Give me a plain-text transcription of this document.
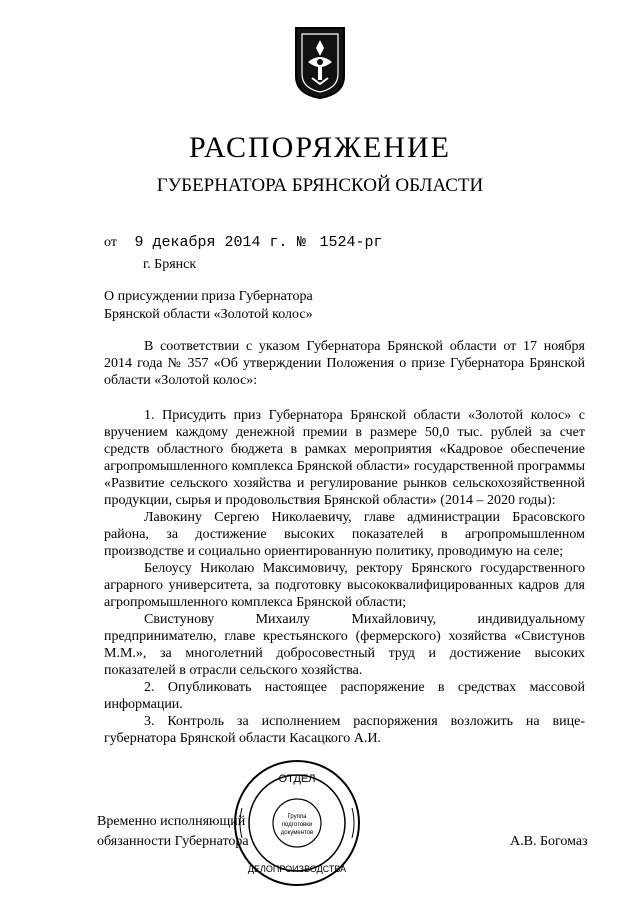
РАСПОРЯЖЕНИЕ
ГУБЕРНАТОРА БРЯНСКОЙ ОБЛАСТИ
от 9 декабря 2014 г. № 1524-рг
г. Брянск
О присуждении приза Губернатора
Брянской области «Золотой колос»

В соответствии с указом Губернатора Брянской области от 17 ноября 2014 года № 357 «Об утверждении Положения о призе Губернатора Брянской области «Золотой колос»:

1. Присудить приз Губернатора Брянской области «Золотой колос» с вручением каждому денежной премии в размере 50,0 тыс. рублей за счет средств областного бюджета в рамках мероприятия «Кадровое обеспечение агропромышленного комплекса Брянской области» государственной программы «Развитие сельского хозяйства и регулирование рынков сельскохозяйственной продукции, сырья и продовольствия Брянской области» (2014 – 2020 годы):

Лавокину Сергею Николаевичу, главе администрации Брасовского района, за достижение высоких показателей в агропромышленном производстве и социально ориентированную политику, проводимую на селе;

Белоусу Николаю Максимовичу, ректору Брянского государственного аграрного университета, за подготовку высококвалифицированных кадров для агропромышленного комплекса Брянской области;

Свистунову Михаилу Михайловичу, индивидуальному предпринимателю, главе крестьянского (фермерского) хозяйства «Свистунов М.М.», за многолетний добросовестный труд и достижение высоких показателей в отрасли сельского хозяйства.

2. Опубликовать настоящее распоряжение в средствах массовой информации.

3. Контроль за исполнением распоряжения возложить на вице-губернатора Брянской области Касацкого А.И.

Временно исполняющий
обязанности Губернатора	А.В. Богомаз
ОТДЕЛ
ДЕЛОПРОИЗВОДСТВА
Группа
подготовки
документов
